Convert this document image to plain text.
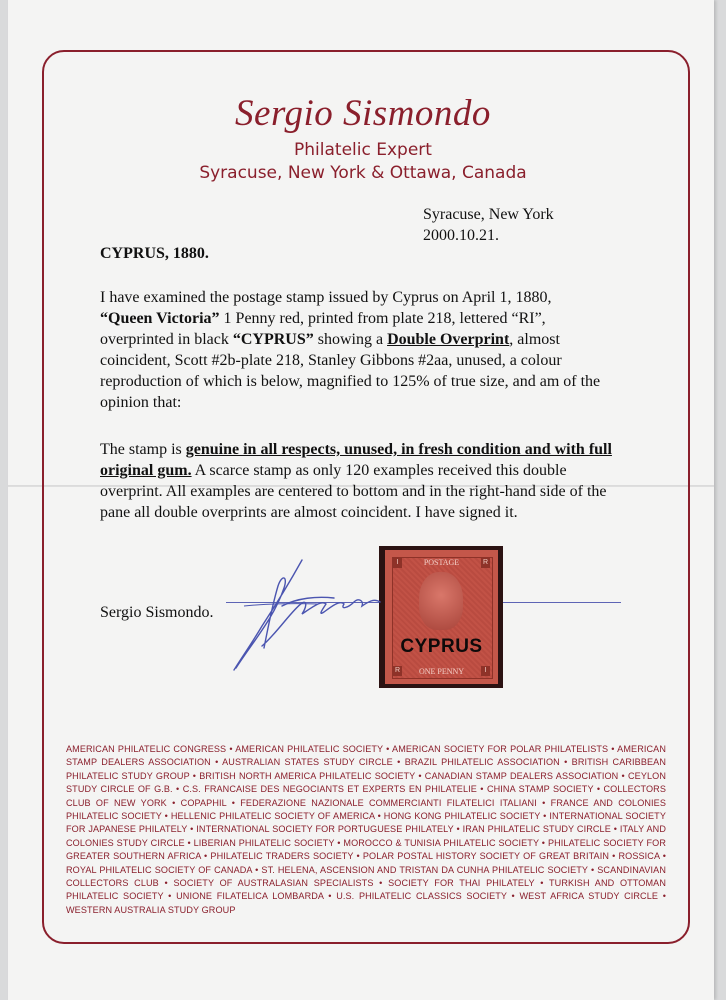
Sergio Sismondo
Philatelic Expert
Syracuse, New York & Ottawa, Canada
Syracuse, New York
2000.10.21.
CYPRUS, 1880.
I have examined the postage stamp issued by Cyprus on April 1, 1880,
“Queen Victoria” 1 Penny red, printed from plate 218, lettered “RI”,
overprinted in black “CYPRUS” showing a Double Overprint, almost coincident, Scott #2b-plate 218, Stanley Gibbons #2aa, unused, a colour reproduction of which is below, magnified to 125% of true size, and am of the opinion that:
The stamp is genuine in all respects, unused, in fresh condition and with full original gum. A scarce stamp as only 120 examples received this double overprint. All examples are centered to bottom and in the right-hand side of the pane all double overprints are almost coincident. I have signed it.
Sergio Sismondo.
I	R
R	I
POSTAGE
CYPRUS
ONE PENNY
AMERICAN PHILATELIC CONGRESS • AMERICAN PHILATELIC SOCIETY • AMERICAN SOCIETY FOR POLAR PHILATELISTS • AMERICAN STAMP DEALERS ASSOCIATION • AUSTRALIAN STATES STUDY CIRCLE • BRAZIL PHILATELIC ASSOCIATION • BRITISH CARIBBEAN PHILATELIC STUDY GROUP • BRITISH NORTH AMERICA PHILATELIC SOCIETY • CANADIAN STAMP DEALERS ASSOCIATION • CEYLON STUDY CIRCLE OF G.B. • C.S. FRANCAISE DES NEGOCIANTS ET EXPERTS EN PHILATELIE • CHINA STAMP SOCIETY • COLLECTORS CLUB OF NEW YORK • COPAPHIL • FEDERAZIONE NAZIONALE COMMERCIANTI FILATELICI ITALIANI • FRANCE AND COLONIES PHILATELIC SOCIETY • HELLENIC PHILATELIC SOCIETY OF AMERICA • HONG KONG PHILATELIC SOCIETY • INTERNATIONAL SOCIETY FOR JAPANESE PHILATELY • INTERNATIONAL SOCIETY FOR PORTUGUESE PHILATELY • IRAN PHILATELIC STUDY CIRCLE • ITALY AND COLONIES STUDY CIRCLE • LIBERIAN PHILATELIC SOCIETY • MOROCCO & TUNISIA PHILATELIC SOCIETY • PHILATELIC SOCIETY FOR GREATER SOUTHERN AFRICA • PHILATELIC TRADERS SOCIETY • POLAR POSTAL HISTORY SOCIETY OF GREAT BRITAIN • ROSSICA • ROYAL PHILATELIC SOCIETY OF CANADA • ST. HELENA, ASCENSION AND TRISTAN DA CUNHA PHILATELIC SOCIETY • SCANDINAVIAN COLLECTORS CLUB • SOCIETY OF AUSTRALASIAN SPECIALISTS • SOCIETY FOR THAI PHILATELY • TURKISH AND OTTOMAN PHILATELIC SOCIETY • UNIONE FILATELICA LOMBARDA • U.S. PHILATELIC CLASSICS SOCIETY • WEST AFRICA STUDY CIRCLE • WESTERN AUSTRALIA STUDY GROUP
